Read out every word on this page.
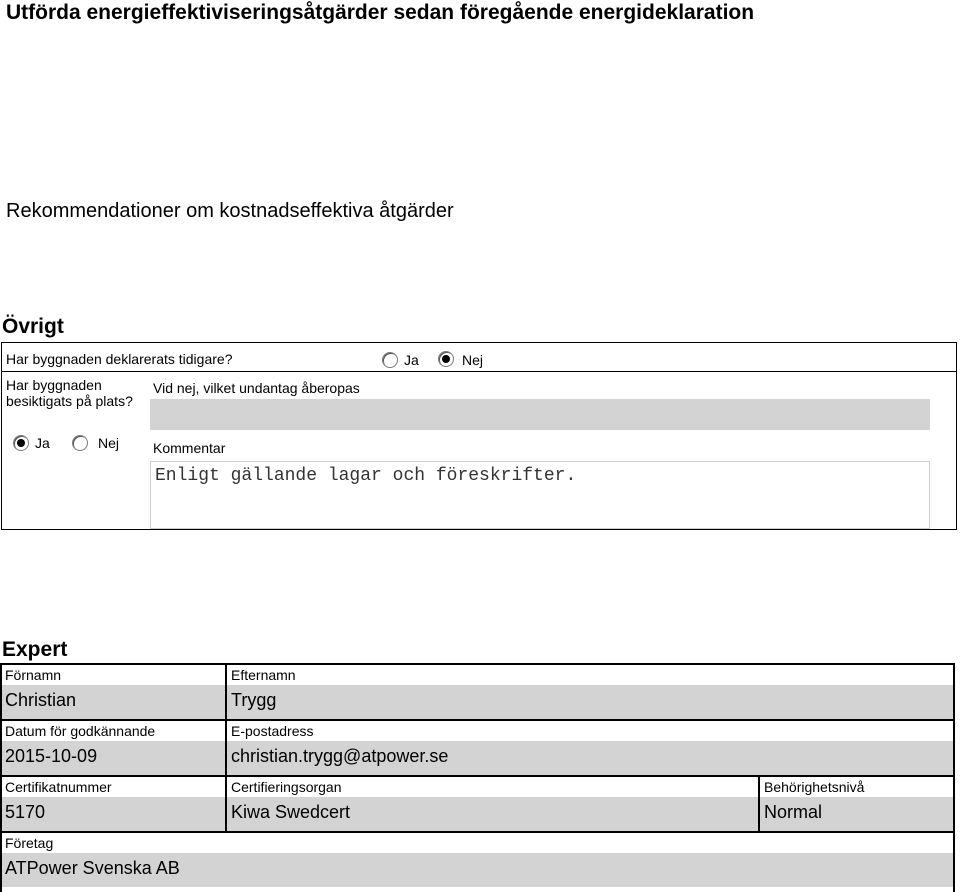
Utförda energieffektiviseringsåtgärder sedan föregående energideklaration
Rekommendationer om kostnadseffektiva åtgärder
Övrigt
Har byggnaden deklarerats tidigare?	Ja	Nej
Har byggnaden
besiktigats på plats?
Ja	Nej
Vid nej, vilket undantag åberopas
Kommentar
Enligt gällande lagar och föreskrifter.
Expert
Förnamn
Christian
Efternamn
Trygg
Datum för godkännande
2015-10-09
E-postadress
christian.trygg@atpower.se
Certifikatnummer
5170
Certifieringsorgan
Kiwa Swedcert
Behörighetsnivå
Normal
Företag
ATPower Svenska AB
